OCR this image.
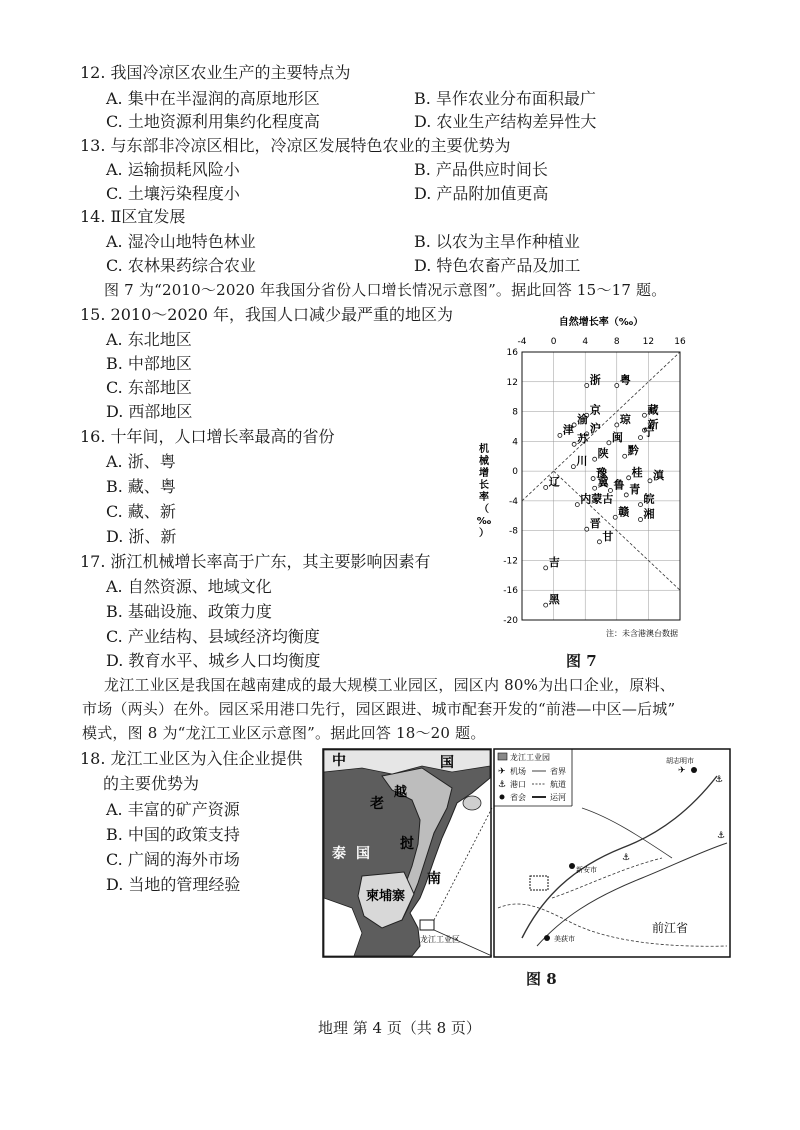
12. 我国冷凉区农业生产的主要特点为
A. 集中在半湿润的高原地形区	B. 旱作农业分布面积最广
C. 土地资源利用集约化程度高	D. 农业生产结构差异性大
13. 与东部非冷凉区相比，冷凉区发展特色农业的主要优势为
A. 运输损耗风险小	B. 产品供应时间长
C. 土壤污染程度小	D. 产品附加值更高
14. Ⅱ区宜发展
A. 湿冷山地特色林业	B. 以农为主旱作种植业
C. 农林果药综合农业	D. 特色农畜产品及加工
图 7 为“2010～2020 年我国分省份人口增长情况示意图”。据此回答 15～17 题。
15. 2010～2020 年，我国人口减少最严重的地区为
A. 东北地区
B. 中部地区
C. 东部地区
D. 西部地区
16. 十年间，人口增长率最高的省份
A. 浙、粤
B. 藏、粤
C. 藏、新
D. 浙、新
17. 浙江机械增长率高于广东，其主要影响因素有
A. 自然资源、地域文化
B. 基础设施、政策力度
C. 产业结构、县域经济均衡度
D. 教育水平、城乡人口均衡度
自然增长率（‰）
-4	0	4	8	12 16
16
12
8
4
0
-4
-8
-12
-16
-20
机
械
增
长
率
（
‰
）
浙 粤
藏
京
渝	琼 新
津 沪	宁
闽
苏
陕 黔
川
辽
豫 桂 滇
冀 鲁 青
内蒙古	皖
赣 湘
晋
甘
吉
黑
注：未含港澳台数据
图 7
龙江工业区是我国在越南建成的最大规模工业园区，园区内 80%为出口企业，原料、
市场（两头）在外。园区采用港口先行，园区跟进、城市配套开发的“前港—中区—后城”
模式，图 8 为“龙江工业区示意图”。据此回答 18～20 题。
18. 龙江工业区为入住企业提供
的主要优势为
A. 丰富的矿产资源
B. 中国的政策支持
C. 广阔的海外市场
D. 当地的管理经验
中	国
老
越
泰 国
挝
南
柬埔寨
龙江工业区
龙江工业园
✈ 机场	省界
⚓ 港口	航道
省会	运河
胡志明市
新安市
美荻市
前江省
⚓
⚓
⚓
✈
图 8
地理 第 4 页（共 8 页）
